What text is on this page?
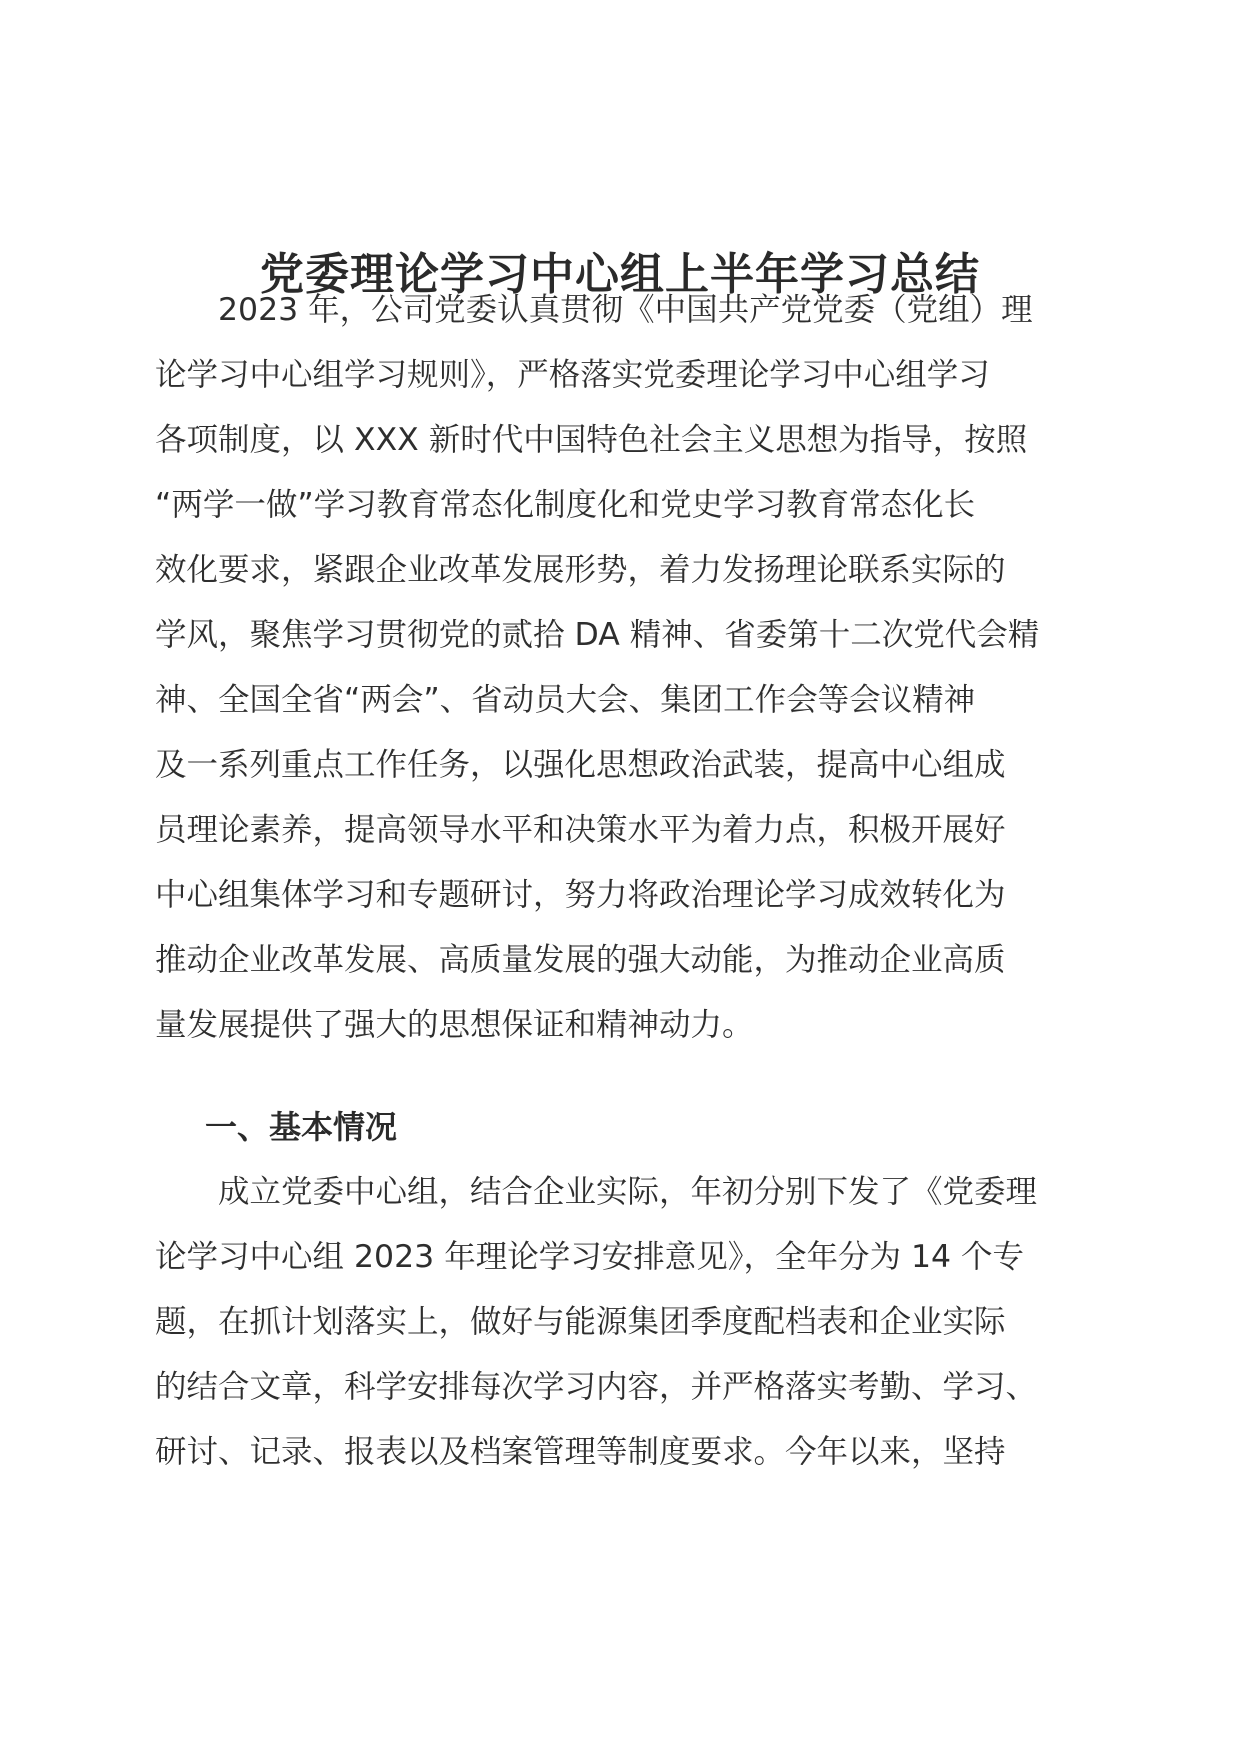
党委理论学习中心组上半年学习总结
　　2023 年，公司党委认真贯彻《中国共产党党委（党组）理
论学习中心组学习规则》，严格落实党委理论学习中心组学习
各项制度，以 XXX 新时代中国特色社会主义思想为指导，按照
“两学一做”学习教育常态化制度化和党史学习教育常态化长
效化要求，紧跟企业改革发展形势，着力发扬理论联系实际的
学风，聚焦学习贯彻党的贰拾 DA 精神、省委第十二次党代会精
神、全国全省“两会”、省动员大会、集团工作会等会议精神
及一系列重点工作任务，以强化思想政治武装，提高中心组成
员理论素养，提高领导水平和决策水平为着力点，积极开展好
中心组集体学习和专题研讨，努力将政治理论学习成效转化为
推动企业改革发展、高质量发展的强大动能，为推动企业高质
量发展提供了强大的思想保证和精神动力。
一、基本情况
　　成立党委中心组，结合企业实际，年初分别下发了《党委理
论学习中心组 2023 年理论学习安排意见》，全年分为 14 个专
题，在抓计划落实上，做好与能源集团季度配档表和企业实际
的结合文章，科学安排每次学习内容，并严格落实考勤、学习、
研讨、记录、报表以及档案管理等制度要求。今年以来，坚持
